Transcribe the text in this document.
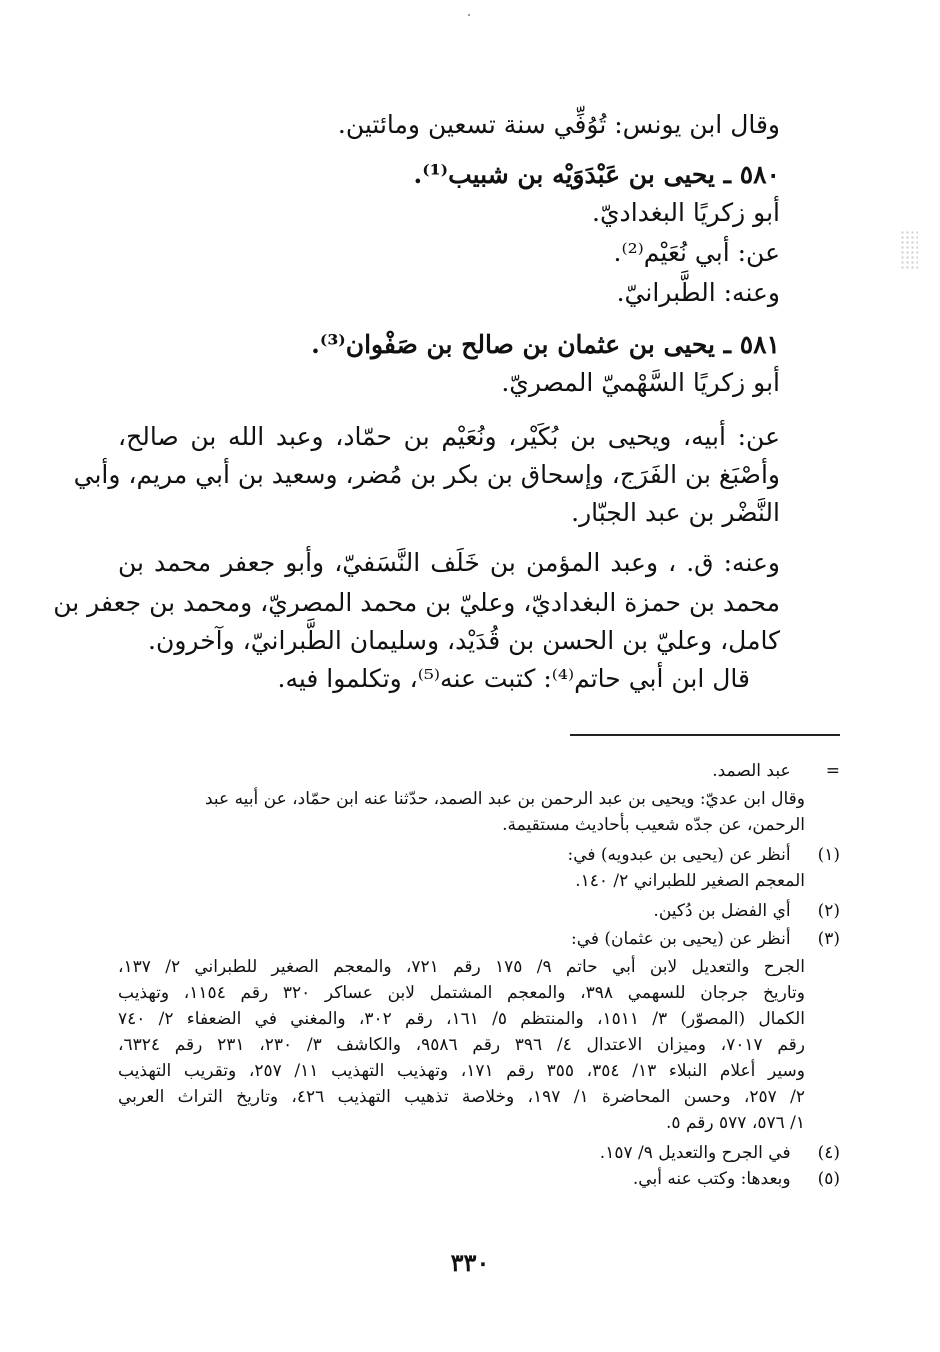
وقال ابن يونس: تُوُفِّي سنة تسعين ومائتين.
٥٨٠ ـ يحيى بن عَبْدَوَيْه بن شبيب⁽¹⁾.
أبو زكريًا البغداديّ.
عن: أبي نُعَيْم⁽²⁾.
وعنه: الطَّبرانيّ.
٥٨١ ـ يحيى بن عثمان بن صالح بن صَفْوان⁽³⁾.
أبو زكريًا السَّهْميّ المصريّ.
عن: أبيه، ويحيى بن بُكَيْر، ونُعَيْم بن حمّاد، وعبد الله بن صالح،
وأصْبَغ بن الفَرَج، وإسحاق بن بكر بن مُضر، وسعيد بن أبي مريم، وأبي
النَّضْر بن عبد الجبّار.
وعنه: ق. ، وعبد المؤمن بن خَلَف النَّسَفيّ، وأبو جعفر محمد بن
محمد بن حمزة البغداديّ، وعليّ بن محمد المصريّ، ومحمد بن جعفر بن
كامل، وعليّ بن الحسن بن قُدَيْد، وسليمان الطَّبرانيّ، وآخرون.
قال ابن أبي حاتم⁽⁴⁾: كتبت عنه⁽⁵⁾، وتكلموا فيه.
= عبد الصمد.
وقال ابن عديّ: ويحيى بن عبد الرحمن بن عبد الصمد، حدّثنا عنه ابن حمّاد، عن أبيه عبد
الرحمن، عن جدّه شعيب بأحاديث مستقيمة.
(١) أنظر عن (يحيى بن عبدويه) في:
المعجم الصغير للطبراني ٢/ ١٤٠.
(٢) أي الفضل بن دُكين.
(٣) أنظر عن (يحيى بن عثمان) في:
الجرح والتعديل لابن أبي حاتم ٩/ ١٧٥ رقم ٧٢١، والمعجم الصغير للطبراني ٢/ ١٣٧،
وتاريخ جرجان للسهمي ٣٩٨، والمعجم المشتمل لابن عساكر ٣٢٠ رقم ١١٥٤، وتهذيب
الكمال (المصوّر) ٣/ ١٥١١، والمنتظم ٥/ ١٦١، رقم ٣٠٢، والمغني في الضعفاء ٢/ ٧٤٠
رقم ٧٠١٧، وميزان الاعتدال ٤/ ٣٩٦ رقم ٩٥٨٦، والكاشف ٣/ ٢٣٠، ٢٣١ رقم ٦٣٢٤،
وسير أعلام النبلاء ١٣/ ٣٥٤، ٣٥٥ رقم ١٧١، وتهذيب التهذيب ١١/ ٢٥٧، وتقريب التهذيب
٢/ ٢٥٧، وحسن المحاضرة ١/ ١٩٧، وخلاصة تذهيب التهذيب ٤٢٦، وتاريخ التراث العربي
١/ ٥٧٦، ٥٧٧ رقم ٥.
(٤) في الجرح والتعديل ٩/ ١٥٧.
(٥) وبعدها: وكتب عنه أبي.
٣٣٠
